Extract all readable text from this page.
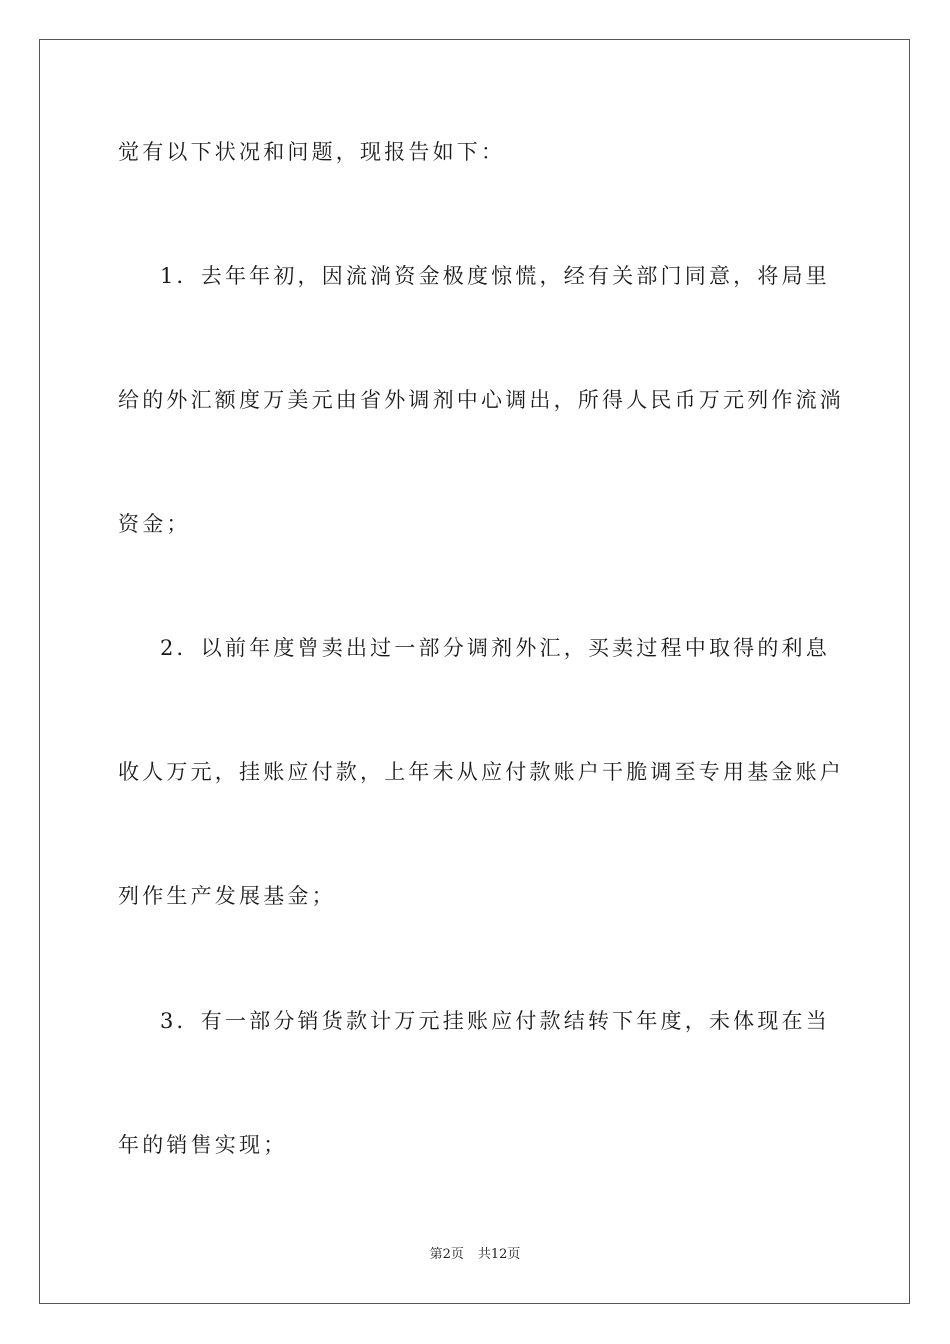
觉有以下状况和问题，现报告如下：
1．去年年初，因流淌资金极度惊慌，经有关部门同意，将局里
给的外汇额度万美元由省外调剂中心调出，所得人民币万元列作流淌
资金；
2．以前年度曾卖出过一部分调剂外汇，买卖过程中取得的利息
收人万元，挂账应付款，上年未从应付款账户干脆调至专用基金账户
列作生产发展基金；
3．有一部分销货款计万元挂账应付款结转下年度，未体现在当
年的销售实现；
第2页 共12页
